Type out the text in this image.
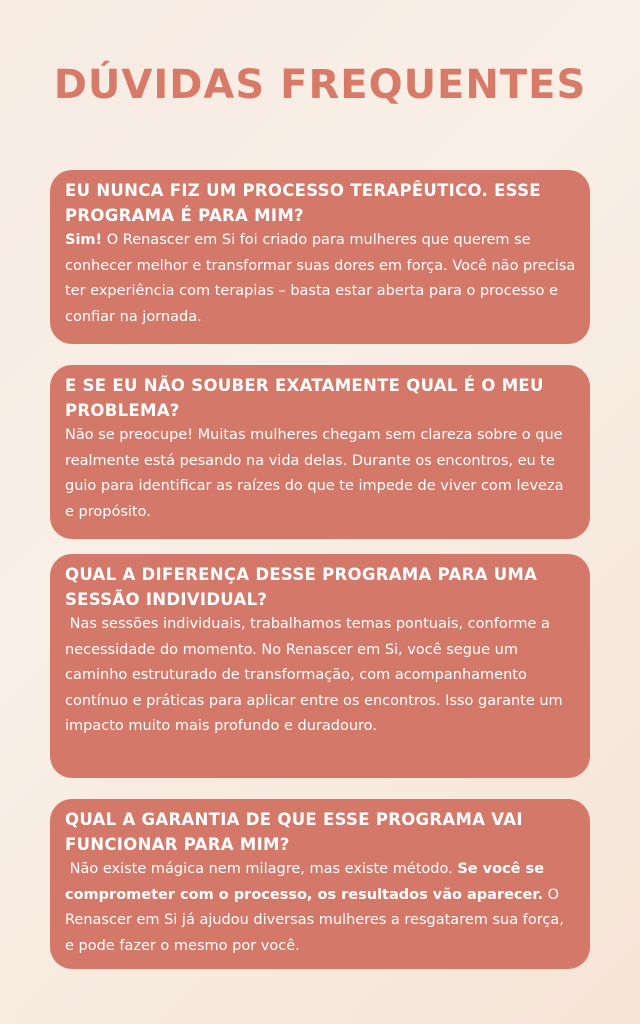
DÚVIDAS FREQUENTES

EU NUNCA FIZ UM PROCESSO TERAPÊUTICO. ESSE PROGRAMA É PARA MIM?

Sim! O Renascer em Si foi criado para mulheres que querem se conhecer melhor e transformar suas dores em força. Você não precisa ter experiência com terapias – basta estar aberta para o processo e confiar na jornada.

E SE EU NÃO SOUBER EXATAMENTE QUAL É O MEU PROBLEMA?

Não se preocupe! Muitas mulheres chegam sem clareza sobre o que realmente está pesando na vida delas. Durante os encontros, eu te guio para identificar as raízes do que te impede de viver com leveza e propósito.

QUAL A DIFERENÇA DESSE PROGRAMA PARA UMA SESSÃO INDIVIDUAL?

Nas sessões individuais, trabalhamos temas pontuais, conforme a necessidade do momento. No Renascer em Si, você segue um caminho estruturado de transformação, com acompanhamento contínuo e práticas para aplicar entre os encontros. Isso garante um impacto muito mais profundo e duradouro.

QUAL A GARANTIA DE QUE ESSE PROGRAMA VAI FUNCIONAR PARA MIM?

Não existe mágica nem milagre, mas existe método. Se você se comprometer com o processo, os resultados vão aparecer. O Renascer em Si já ajudou diversas mulheres a resgatarem sua força, e pode fazer o mesmo por você.
